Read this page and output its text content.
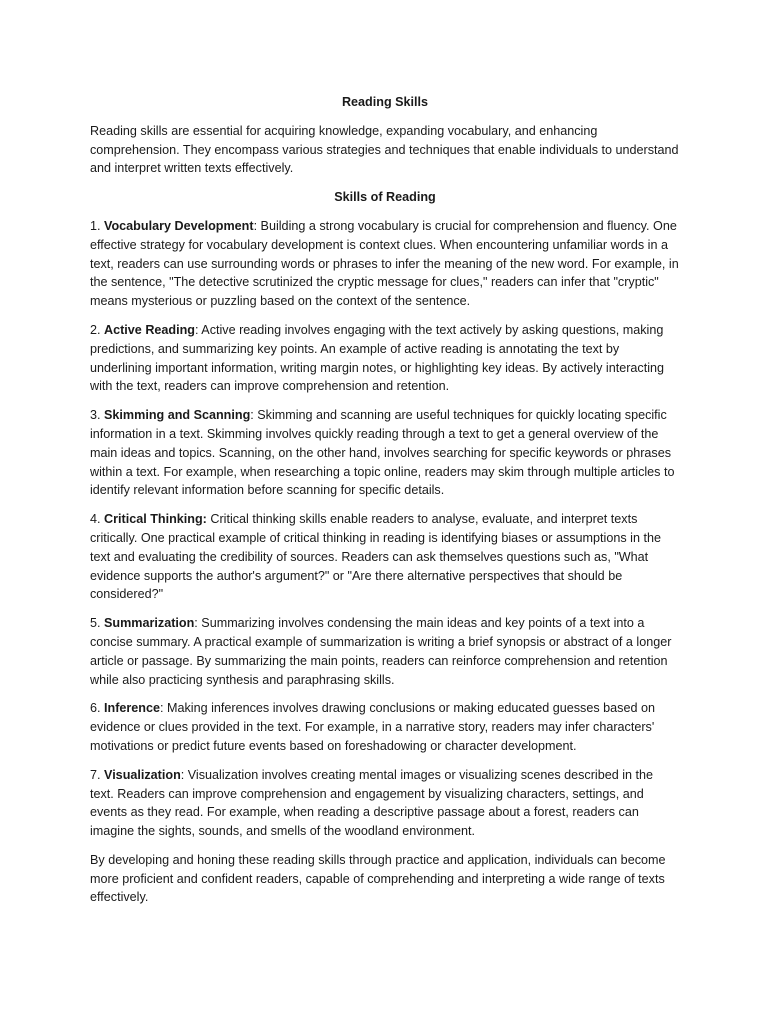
Reading Skills

Reading skills are essential for acquiring knowledge, expanding vocabulary, and enhancing comprehension. They encompass various strategies and techniques that enable individuals to understand and interpret written texts effectively.

Skills of Reading

1. Vocabulary Development: Building a strong vocabulary is crucial for comprehension and fluency. One effective strategy for vocabulary development is context clues. When encountering unfamiliar words in a text, readers can use surrounding words or phrases to infer the meaning of the new word. For example, in the sentence, "The detective scrutinized the cryptic message for clues," readers can infer that "cryptic" means mysterious or puzzling based on the context of the sentence.

2. Active Reading: Active reading involves engaging with the text actively by asking questions, making predictions, and summarizing key points. An example of active reading is annotating the text by underlining important information, writing margin notes, or highlighting key ideas. By actively interacting with the text, readers can improve comprehension and retention.

3. Skimming and Scanning: Skimming and scanning are useful techniques for quickly locating specific information in a text. Skimming involves quickly reading through a text to get a general overview of the main ideas and topics. Scanning, on the other hand, involves searching for specific keywords or phrases within a text. For example, when researching a topic online, readers may skim through multiple articles to identify relevant information before scanning for specific details.

4. Critical Thinking: Critical thinking skills enable readers to analyse, evaluate, and interpret texts critically. One practical example of critical thinking in reading is identifying biases or assumptions in the text and evaluating the credibility of sources. Readers can ask themselves questions such as, "What evidence supports the author's argument?" or "Are there alternative perspectives that should be considered?"

5. Summarization: Summarizing involves condensing the main ideas and key points of a text into a concise summary. A practical example of summarization is writing a brief synopsis or abstract of a longer article or passage. By summarizing the main points, readers can reinforce comprehension and retention while also practicing synthesis and paraphrasing skills.

6. Inference: Making inferences involves drawing conclusions or making educated guesses based on evidence or clues provided in the text. For example, in a narrative story, readers may infer characters' motivations or predict future events based on foreshadowing or character development.

7. Visualization: Visualization involves creating mental images or visualizing scenes described in the text. Readers can improve comprehension and engagement by visualizing characters, settings, and events as they read. For example, when reading a descriptive passage about a forest, readers can imagine the sights, sounds, and smells of the woodland environment.

By developing and honing these reading skills through practice and application, individuals can become more proficient and confident readers, capable of comprehending and interpreting a wide range of texts effectively.
